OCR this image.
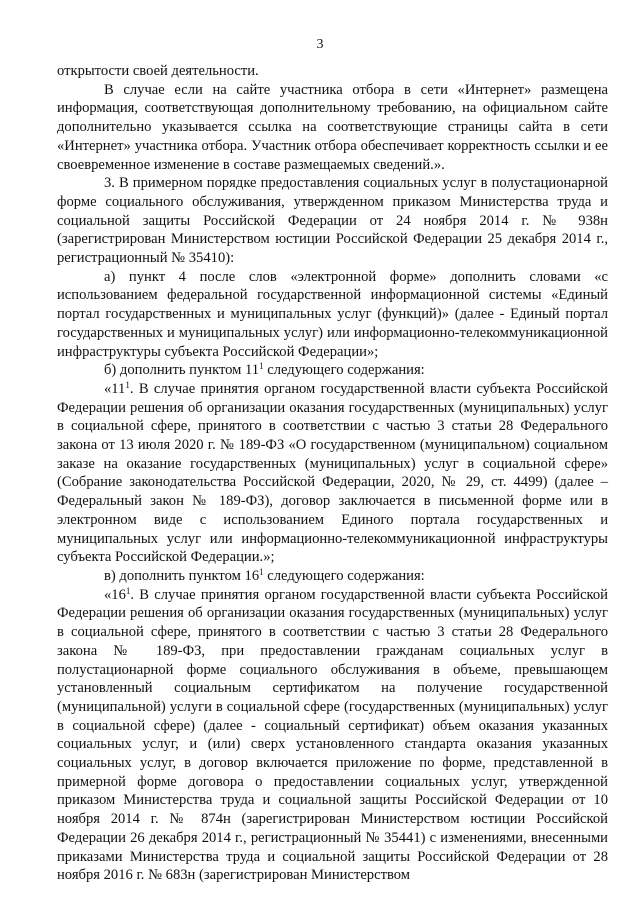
3

открытости своей деятельности.

В случае если на сайте участника отбора в сети «Интернет» размещена информация, соответствующая дополнительному требованию, на официальном сайте дополнительно указывается ссылка на соответствующие страницы сайта в сети «Интернет» участника отбора. Участник отбора обеспечивает корректность ссылки и ее своевременное изменение в составе размещаемых сведений.».

3. В примерном порядке предоставления социальных услуг в полустационарной форме социального обслуживания, утвержденном приказом Министерства труда и социальной защиты Российской Федерации от 24 ноября 2014 г. № 938н (зарегистрирован Министерством юстиции Российской Федерации 25 декабря 2014 г., регистрационный № 35410):

а) пункт 4 после слов «электронной форме» дополнить словами «с использованием федеральной государственной информационной системы «Единый портал государственных и муниципальных услуг (функций)» (далее - Единый портал государственных и муниципальных услуг) или информационно-телекоммуникационной инфраструктуры субъекта Российской Федерации»;

б) дополнить пунктом $11^1$ следующего содержания:

«$11^1$. В случае принятия органом государственной власти субъекта Российской Федерации решения об организации оказания государственных (муниципальных) услуг в социальной сфере, принятого в соответствии с частью 3 статьи 28 Федерального закона от 13 июля 2020 г. № 189-ФЗ «О государственном (муниципальном) социальном заказе на оказание государственных (муниципальных) услуг в социальной сфере» (Собрание законодательства Российской Федерации, 2020, № 29, ст. 4499) (далее – Федеральный закон № 189-ФЗ), договор заключается в письменной форме или в электронном виде с использованием Единого портала государственных и муниципальных услуг или информационно-телекоммуникационной инфраструктуры субъекта Российской Федерации.»;

в) дополнить пунктом $16^1$ следующего содержания:

«$16^1$. В случае принятия органом государственной власти субъекта Российской Федерации решения об организации оказания государственных (муниципальных) услуг в социальной сфере, принятого в соответствии с частью 3 статьи 28 Федерального закона № 189-ФЗ, при предоставлении гражданам социальных услуг в полустационарной форме социального обслуживания в объеме, превышающем установленный социальным сертификатом на получение государственной (муниципальной) услуги в социальной сфере (государственных (муниципальных) услуг в социальной сфере) (далее - социальный сертификат) объем оказания указанных социальных услуг, и (или) сверх установленного стандарта оказания указанных социальных услуг, в договор включается приложение по форме, представленной в примерной форме договора о предоставлении социальных услуг, утвержденной приказом Министерства труда и социальной защиты Российской Федерации от 10 ноября 2014 г. № 874н (зарегистрирован Министерством юстиции Российской Федерации 26 декабря 2014 г., регистрационный № 35441) с изменениями, внесенными приказами Министерства труда и социальной защиты Российской Федерации от 28 ноября 2016 г. № 683н (зарегистрирован Министерством
